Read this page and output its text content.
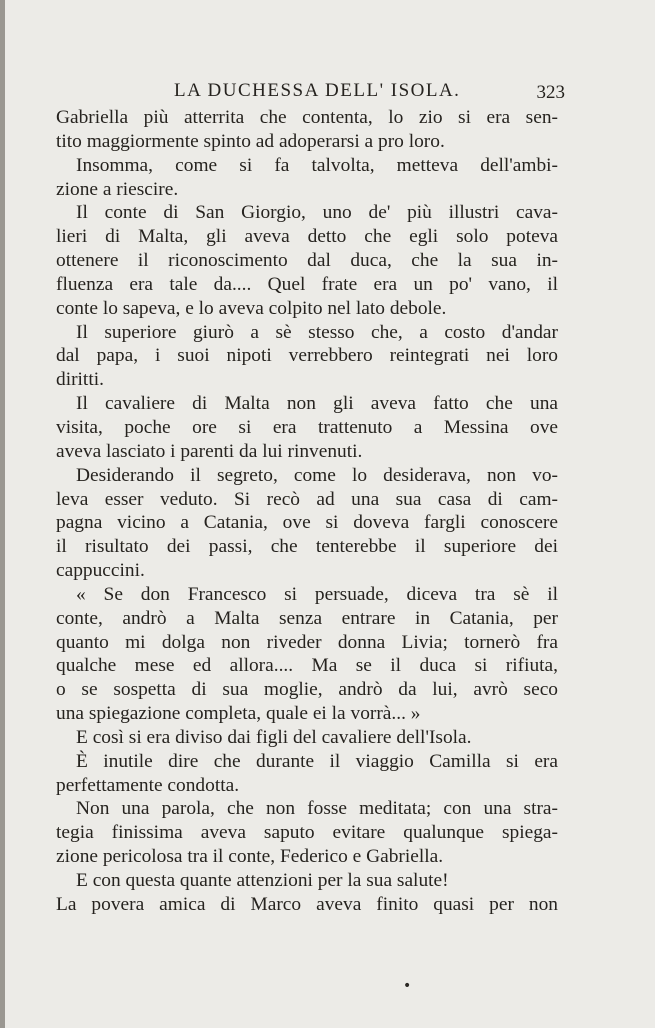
LA DUCHESSA DELL' ISOLA.	323
Gabriella più atterrita che contenta, lo zio si era sen-
tito maggiormente spinto ad adoperarsi a pro loro.
Insomma, come si fa talvolta, metteva dell'ambi-
zione a riescire.
Il conte di San Giorgio, uno de' più illustri cava-
lieri di Malta, gli aveva detto che egli solo poteva
ottenere il riconoscimento dal duca, che la sua in-
fluenza era tale da.... Quel frate era un po' vano, il
conte lo sapeva, e lo aveva colpito nel lato debole.
Il superiore giurò a sè stesso che, a costo d'andar
dal papa, i suoi nipoti verrebbero reintegrati nei loro
diritti.
Il cavaliere di Malta non gli aveva fatto che una
visita, poche ore si era trattenuto a Messina ove
aveva lasciato i parenti da lui rinvenuti.
Desiderando il segreto, come lo desiderava, non vo-
leva esser veduto. Si recò ad una sua casa di cam-
pagna vicino a Catania, ove si doveva fargli conoscere
il risultato dei passi, che tenterebbe il superiore dei
cappuccini.
« Se don Francesco si persuade, diceva tra sè il
conte, andrò a Malta senza entrare in Catania, per
quanto mi dolga non riveder donna Livia; tornerò fra
qualche mese ed allora.... Ma se il duca si rifiuta,
o se sospetta di sua moglie, andrò da lui, avrò seco
una spiegazione completa, quale ei la vorrà... »
E così si era diviso dai figli del cavaliere dell'Isola.
È inutile dire che durante il viaggio Camilla si era
perfettamente condotta.
Non una parola, che non fosse meditata; con una stra-
tegia finissima aveva saputo evitare qualunque spiega-
zione pericolosa tra il conte, Federico e Gabriella.
E con questa quante attenzioni per la sua salute!
La povera amica di Marco aveva finito quasi per non
•
